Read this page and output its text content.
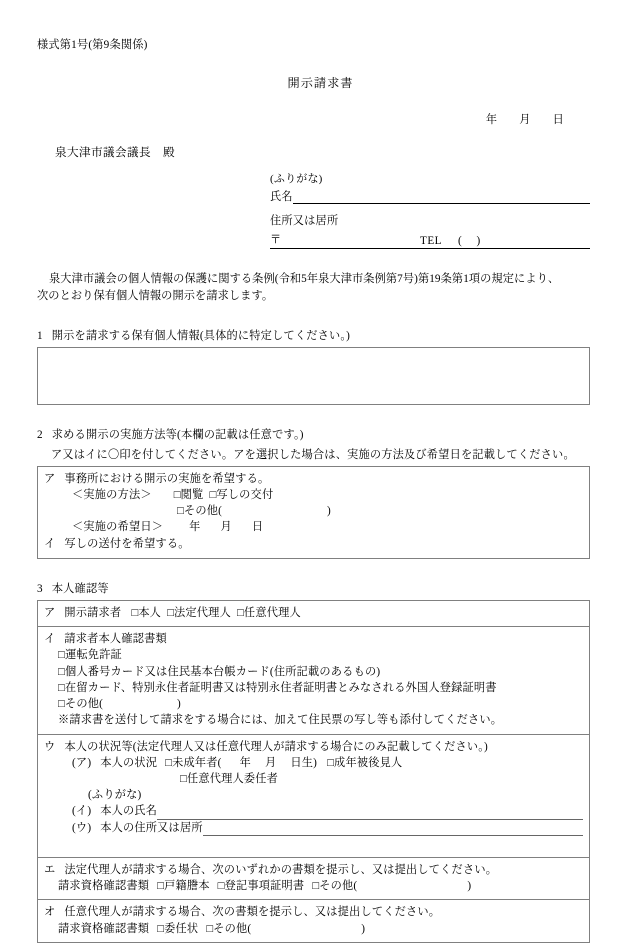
様式第1号(第9条関係)
開示請求書
年 月 日
泉大津市議会議長 殿
(ふりがな)
氏名
住所又は居所
〒	TEL ( )
泉大津市議会の個人情報の保護に関する条例(令和5年泉大津市条例第7号)第19条第1項の規定により、
次のとおり保有個人情報の開示を請求します。
1   開示を請求する保有個人情報(具体的に特定してください。)
2   求める開示の実施方法等(本欄の記載は任意です。)
ア又はイに〇印を付してください。アを選択した場合は、実施の方法及び希望日を記載してください。
ア   事務所における開示の実施を希望する。
＜実施の方法＞ □閲覧 □写しの交付
□その他(	)
＜実施の希望日＞ 年 月 日
イ   写しの送付を希望する。
3   本人確認等
ア   開示請求者 □本人 □法定代理人 □任意代理人
イ   請求者本人確認書類
□運転免許証
□個人番号カード又は住民基本台帳カード(住所記載のあるもの)
□在留カード、特別永住者証明書又は特別永住者証明書とみなされる外国人登録証明書
□その他(	)
※請求書を送付して請求をする場合には、加えて住民票の写し等も添付してください。
ウ   本人の状況等(法定代理人又は任意代理人が請求する場合にのみ記載してください。)
(ア)   本人の状況 □未成年者( 年 月 日生) □成年被後見人
□任意代理人委任者
(ふりがな)
(イ)   本人の氏名
(ウ)   本人の住所又は居所
エ   法定代理人が請求する場合、次のいずれかの書類を提示し、又は提出してください。
請求資格確認書類 □戸籍謄本 □登記事項証明書 □その他(	)
オ   任意代理人が請求する場合、次の書類を提示し、又は提出してください。
請求資格確認書類 □委任状 □その他(	)
